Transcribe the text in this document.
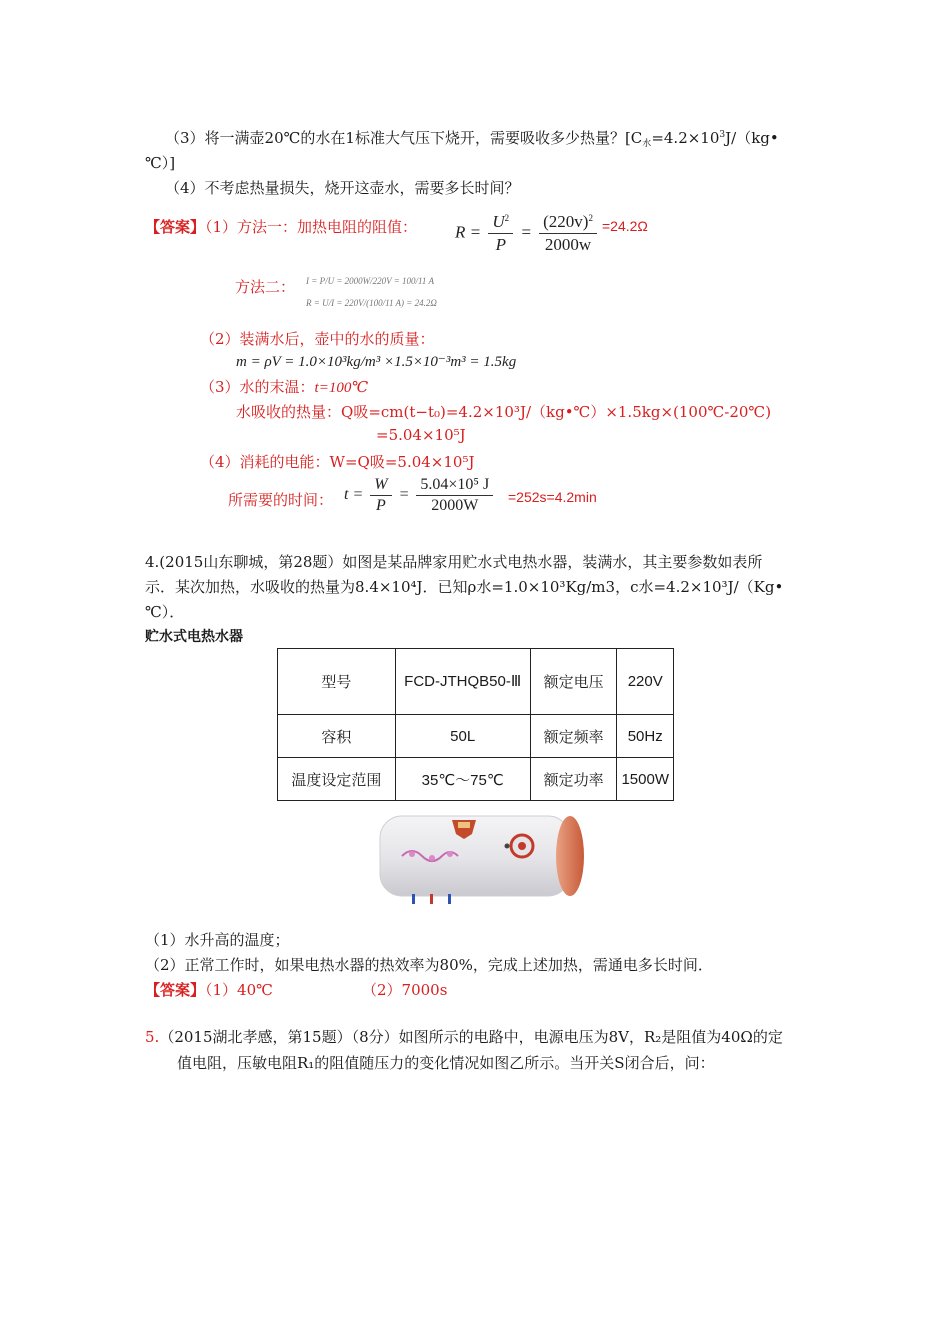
（3）将一满壶20℃的水在1标准大气压下烧开，需要吸收多少热量？[$C_水=4.2\times 10^3J/(kg•$
℃）]
（4）不考虑热量损失，烧开这壶水，需要多长时间？
【答案】（1）方法一：加热电阻的阻值： $R = \frac{U^2}{P} = \frac{(220v)^2}{2000w} =24.2\Omega$
方法二： I = P/U = 2000W/220V = 100/11 A
R = U/I = 220V/(100/11 A) = 24.2Ω
（2）装满水后，壶中的水的质量：
m = ρV = 1.0×10³kg/m³ ×1.5×10⁻³m³ = 1.5kg
（3）水的末温：t=100℃
水吸收的热量：Q吸=cm(t−t₀)=4.2×10³J/（kg•℃）×1.5kg×(100℃-20℃)
=5.04×10⁵J
（4）消耗的电能：W=Q吸=5.04×10⁵J
所需要的时间： $t = \frac{W}{P} = \frac{\text{5.04×10⁵ J}}{2000W} =252s=4.2\min$
4.(2015山东聊城，第28题）如图是某品牌家用贮水式电热水器，装满水，其主要参数如表所
示．某次加热，水吸收的热量为8.4×10⁴J．已知ρ水=1.0×10³Kg/m3，c水=4.2×10³J/（Kg•
℃）．
贮水式电热水器
型号	FCD-JTHQB50-Ⅲ	额定电压	220V
容积	50L	额定频率	50Hz
温度设定范围	35℃～75℃	额定功率	1500W
（1）水升高的温度；
（2）正常工作时，如果电热水器的热效率为80%，完成上述加热，需通电多长时间．
【答案】（1）40℃	（2）7000s
5.（2015湖北孝感，第15题）（8分）如图所示的电路中，电源电压为8V，R₂是阻值为40Ω的定
值电阻，压敏电阻R₁的阻值随压力的变化情况如图乙所示。当开关S闭合后，问：
